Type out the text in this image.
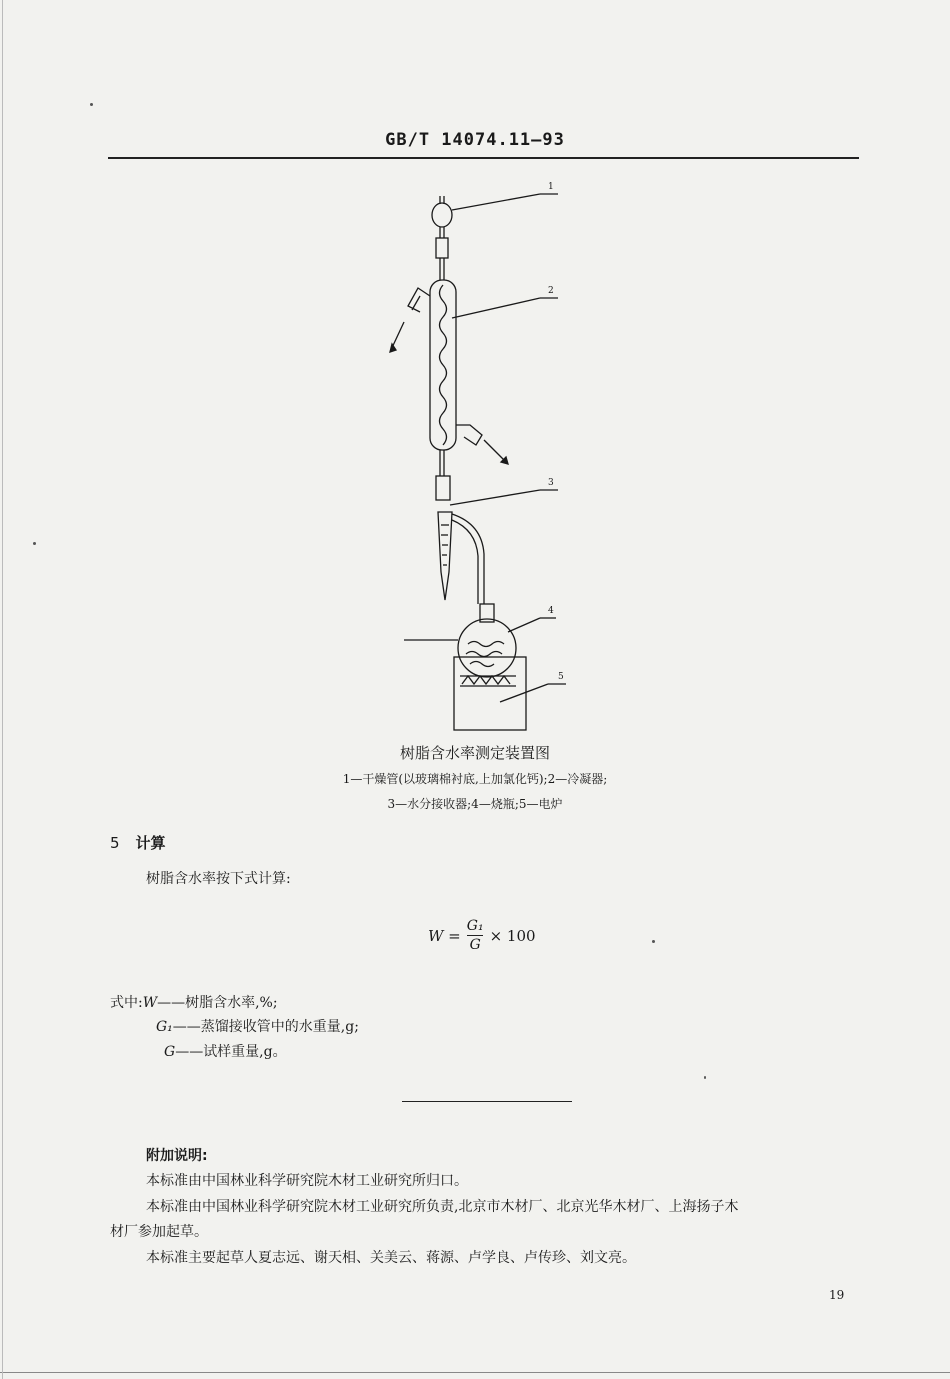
GB/T 14074.11—93
1
2
3
4
5
树脂含水率测定装置图
1—干燥管(以玻璃棉衬底,上加氯化钙);2—冷凝器;
3—水分接收器;4—烧瓶;5—电炉
5 计算
树脂含水率按下式计算:
$W = \frac{\text{G₁}}{G} \times 100$
式中:W——树脂含水率,%;
G₁——蒸馏接收管中的水重量,g;
G——试样重量,g。
附加说明:
本标准由中国林业科学研究院木材工业研究所归口。
本标准由中国林业科学研究院木材工业研究所负责,北京市木材厂、北京光华木材厂、上海扬子木
材厂参加起草。
本标准主要起草人夏志远、谢天相、关美云、蒋源、卢学良、卢传珍、刘文亮。
19
